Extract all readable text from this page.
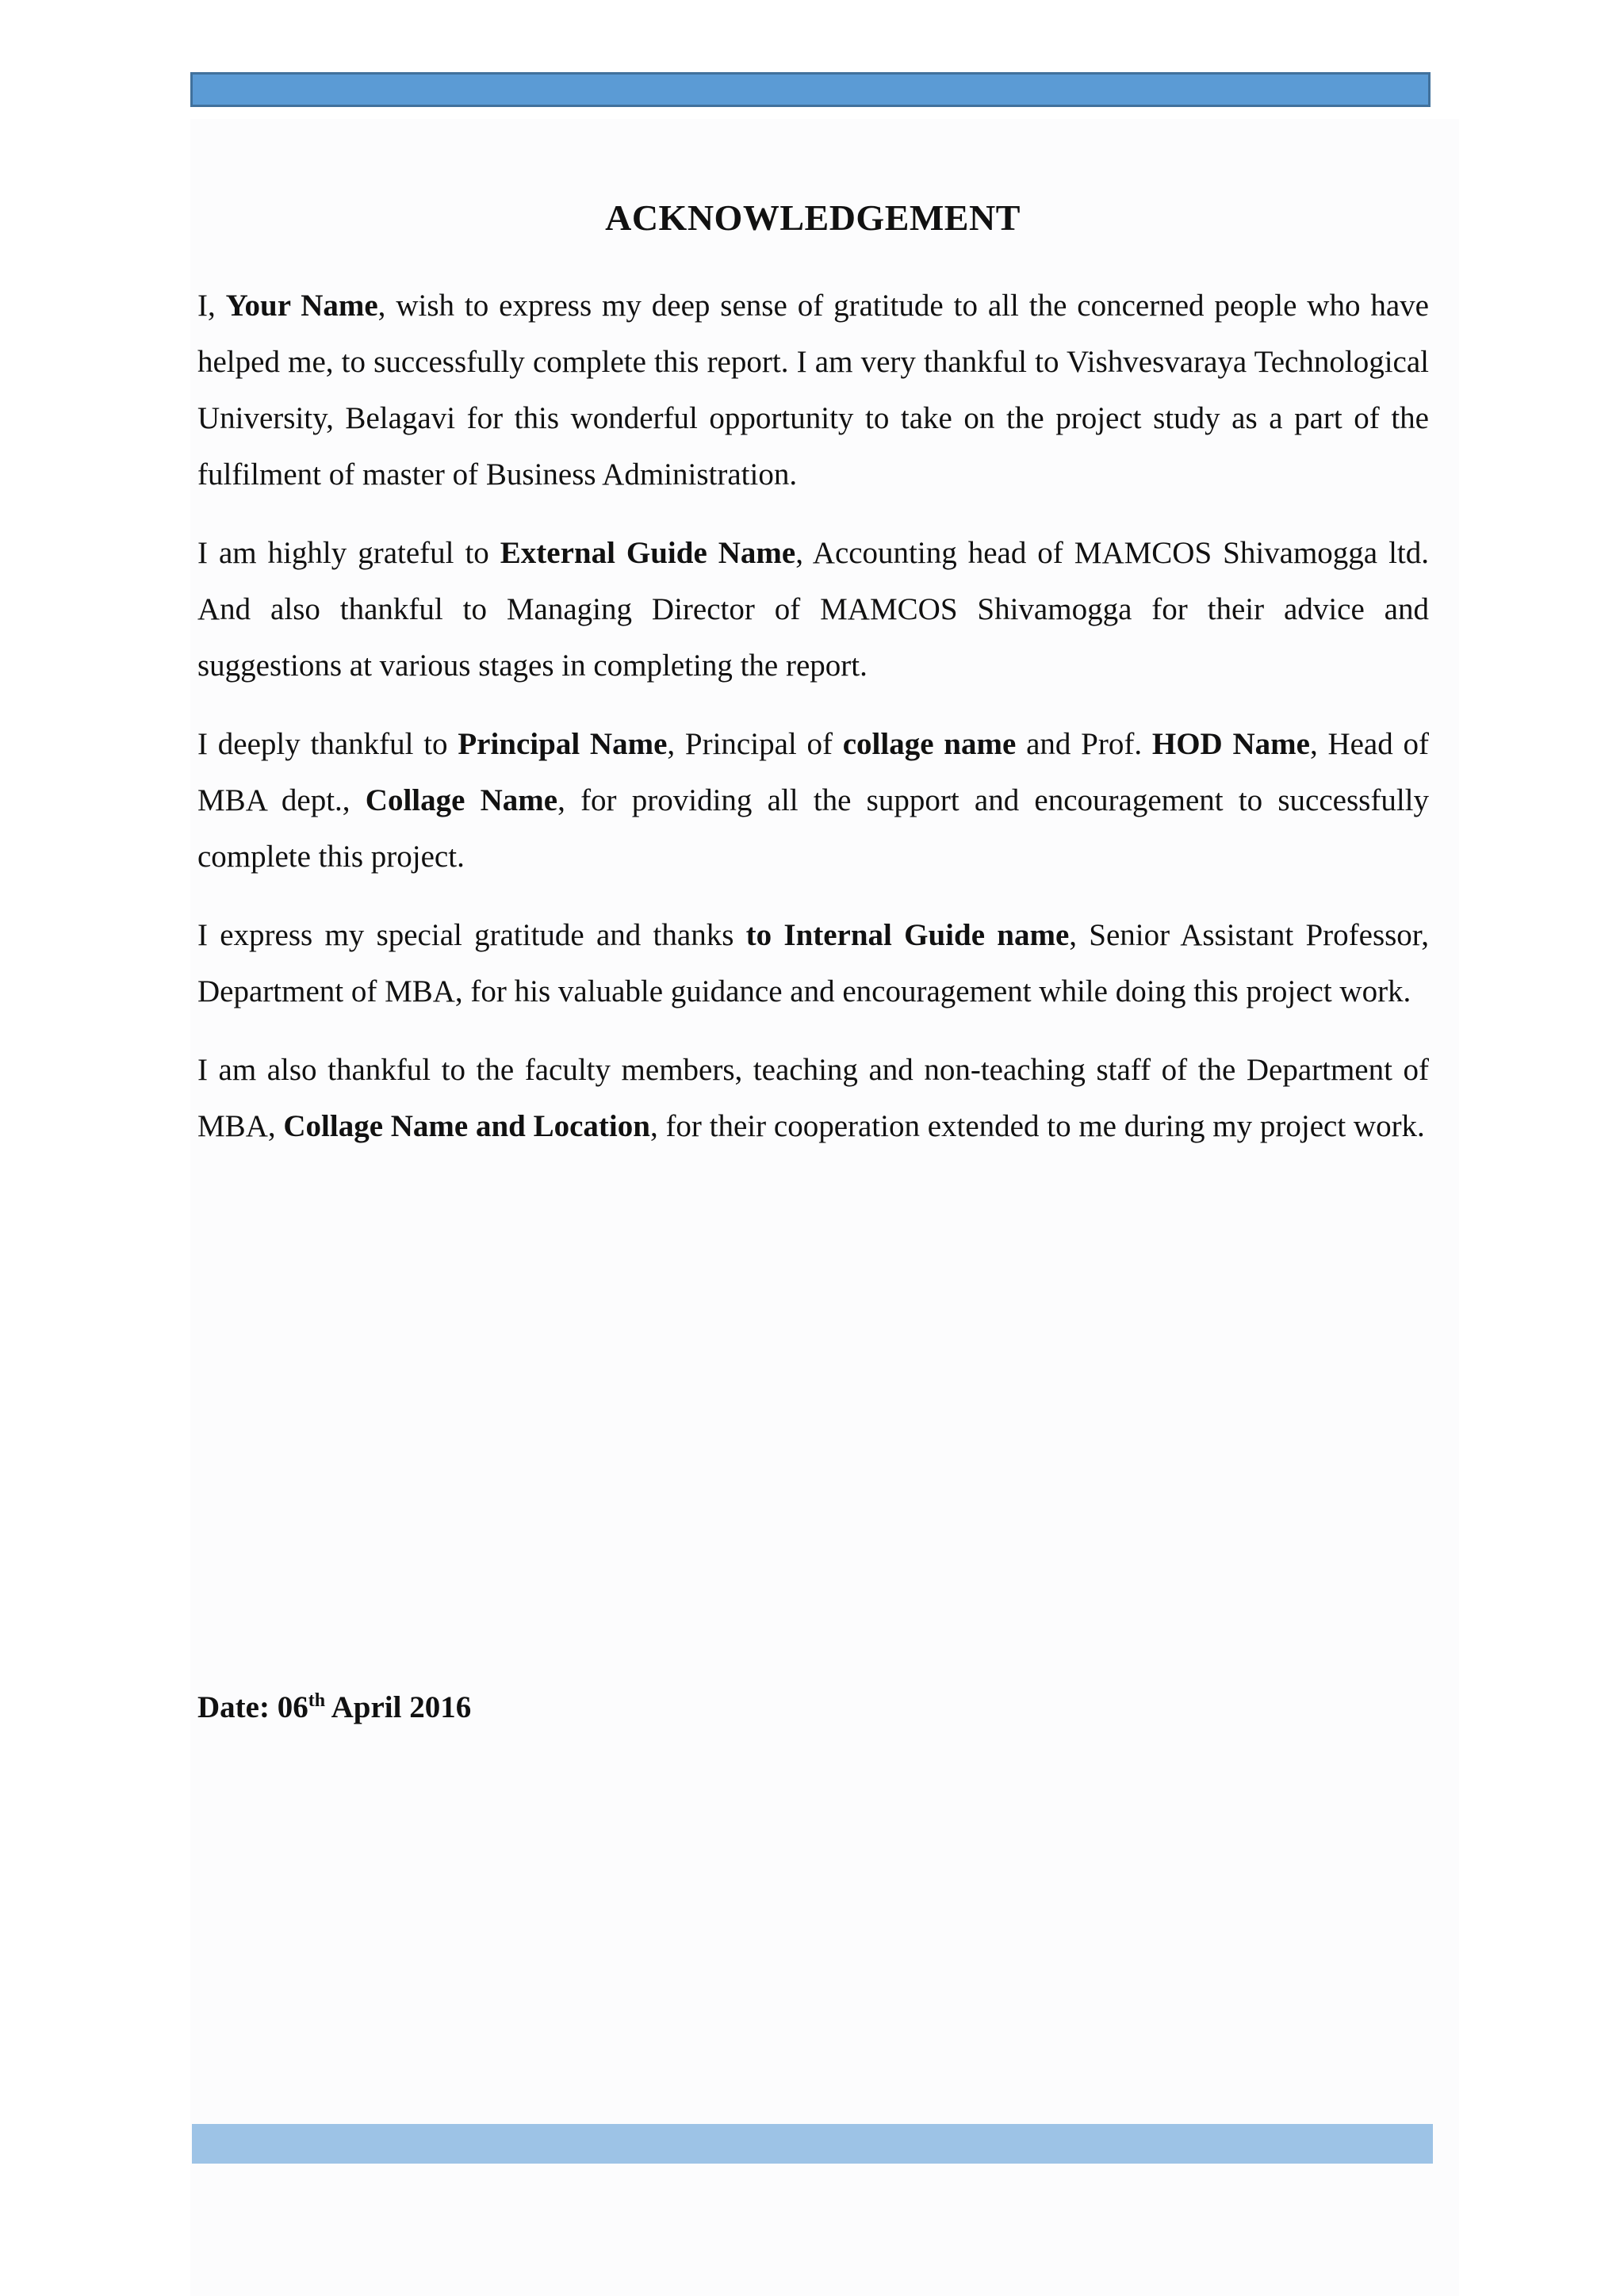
ACKNOWLEDGEMENT

I, Your Name, wish to express my deep sense of gratitude to all the concerned people who have helped me, to successfully complete this report. I am very thankful to Vishvesvaraya Technological University, Belagavi for this wonderful opportunity to take on the project study as a part of the fulfilment of master of Business Administration.

I am highly grateful to External Guide Name, Accounting head of MAMCOS Shivamogga ltd. And also thankful to Managing Director of MAMCOS Shivamogga for their advice and suggestions at various stages in completing the report.

I deeply thankful to Principal Name, Principal of collage name and Prof. HOD Name, Head of MBA dept., Collage Name, for providing all the support and encouragement to successfully complete this project.

I express my special gratitude and thanks to Internal Guide name, Senior Assistant Professor, Department of MBA, for his valuable guidance and encouragement while doing this project work.

I am also thankful to the faculty members, teaching and non-teaching staff of the Department of MBA, Collage Name and Location, for their cooperation extended to me during my project work.

Date: 06th April 2016
